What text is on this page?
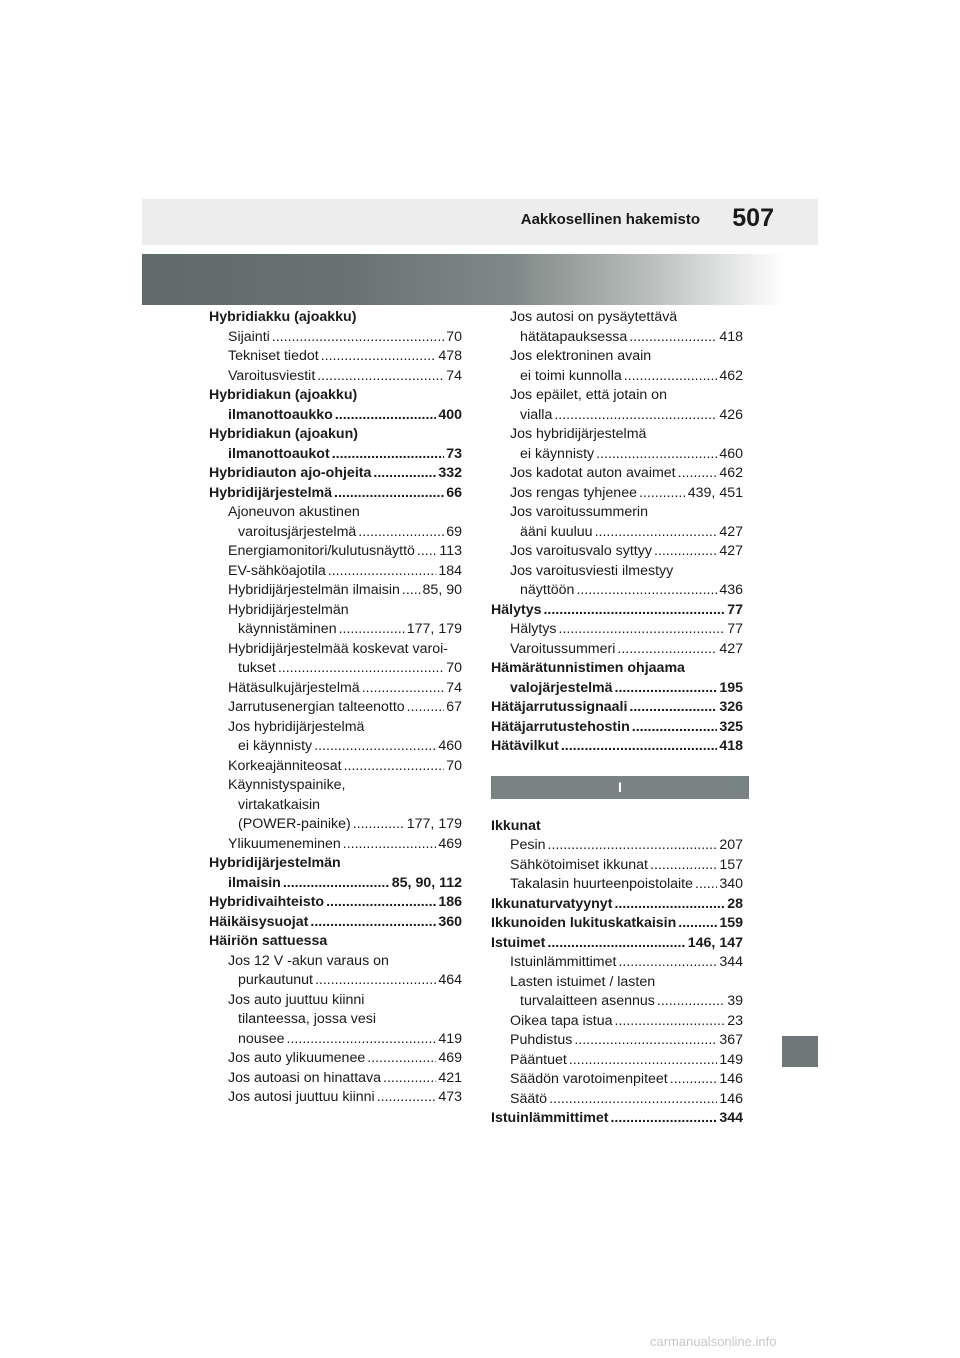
Aakkosellinen hakemisto 507
Hybridiakku (ajoakku)
Sijainti .....	70
Tekniset tiedot .....	478
Varoitusviestit .....	74
Hybridiakun (ajoakku)
ilmanottoaukko .....	400
Hybridiakun (ajoakun)
ilmanottoaukot .....	73
Hybridiauton ajo-ohjeita .....	332
Hybridijärjestelmä .....	66
Ajoneuvon akustinen
varoitusjärjestelmä .....	69
Energiamonitori/kulutusnäyttö ..... 113
EV-sähköajotila .....	184
Hybridijärjestelmän ilmaisin ..... 85, 90
Hybridijärjestelmän
käynnistäminen .....	177, 179
Hybridijärjestelmää koskevat varoi-
tukset .....	70
Hätäsulkujärjestelmä .....	74
Jarrutusenergian talteenotto .....	67
Jos hybridijärjestelmä
ei käynnisty .....	460
Korkeajänniteosat .....	70
Käynnistyspainike,
virtakatkaisin
(POWER-painike) .....	177, 179
Ylikuumeneminen .....	469
Hybridijärjestelmän
ilmaisin .....	85, 90, 112
Hybridivaihteisto .....	186
Häikäisysuojat .....	360
Häiriön sattuessa
Jos 12 V -akun varaus on
purkautunut .....	464
Jos auto juuttuu kiinni
tilanteessa, jossa vesi
nousee .....	419
Jos auto ylikuumenee .....	469
Jos autoasi on hinattava .....	421
Jos autosi juuttuu kiinni .....	473
Jos autosi on pysäytettävä
hätätapauksessa .....	418
Jos elektroninen avain
ei toimi kunnolla .....	462
Jos epäilet, että jotain on
vialla .....	426
Jos hybridijärjestelmä
ei käynnisty .....	460
Jos kadotat auton avaimet .....	462
Jos rengas tyhjenee .....	439, 451
Jos varoitussummerin
ääni kuuluu .....	427
Jos varoitusvalo syttyy .....	427
Jos varoitusviesti ilmestyy
näyttöön .....	436
Hälytys .....	77
Hälytys .....	77
Varoitussummeri .....	427
Hämärätunnistimen ohjaama
valojärjestelmä .....	195
Hätäjarrutussignaali .....	326
Hätäjarrutustehostin .....	325
Hätävilkut .....	418
I
Ikkunat
Pesin .....	207
Sähkötoimiset ikkunat .....	157
Takalasin huurteenpoistolaite ..... 340
Ikkunaturvatyynyt .....	28
Ikkunoiden lukituskatkaisin .....	159
Istuimet .....	146, 147
Istuinlämmittimet .....	344
Lasten istuimet / lasten
turvalaitteen asennus .....	39
Oikea tapa istua .....	23
Puhdistus .....	367
Pääntuet .....	149
Säädön varotoimenpiteet .....	146
Säätö .....	146
Istuinlämmittimet .....	344
carmanualsonline.info
